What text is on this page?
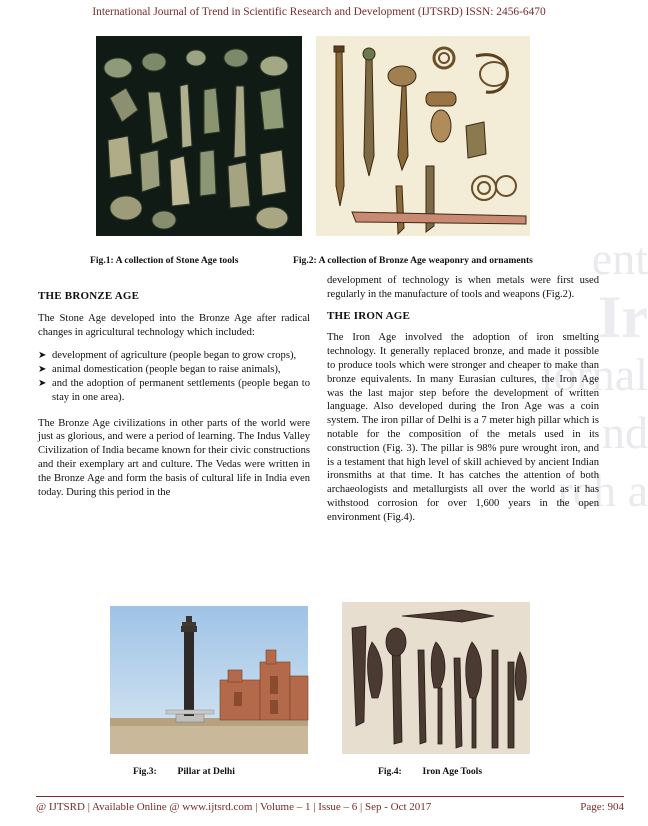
ent
Ir
iornal
nd
rch a
International Journal of Trend in Scientific Research and Development (IJTSRD) ISSN: 2456-6470
Fig.1: A collection of Stone Age tools	Fig.2: A collection of Bronze Age weaponry and ornaments
THE BRONZE AGE

The Stone Age developed into the Bronze Age after radical changes in agricultural technology which included:

➤ development of agriculture (people began to grow crops),
➤ animal domestication (people began to raise animals),
➤ and the adoption of permanent settlements (people began to stay in one area).

The Bronze Age civilizations in other parts of the world were just as glorious, and were a period of learning. The Indus Valley Civilization of India became known for their civic constructions and their exemplary art and culture. The Vedas were written in the Bronze Age and form the basis of cultural life in India even today. During this period in the

development of technology is when metals were first used regularly in the manufacture of tools and weapons (Fig.2).

THE IRON AGE

The Iron Age involved the adoption of iron smelting technology. It generally replaced bronze, and made it possible to produce tools which were stronger and cheaper to make than bronze equivalents. In many Eurasian cultures, the Iron Age was the last major step before the development of written language. Also developed during the Iron Age was a coin system. The iron pillar of Delhi is a 7 meter high pillar which is notable for the composition of the metals used in its construction (Fig. 3). The pillar is 98% pure wrought iron, and is a testament that high level of skill achieved by ancient Indian ironsmiths at that time. It has catches the attention of both archaeologists and metallurgists all over the world as it has withstood corrosion for over 1,600 years in the open environment (Fig.4).

Fig.3: Pillar at Delhi	Fig.4: Iron Age Tools
@ IJTSRD | Available Online @ www.ijtsrd.com | Volume – 1 | Issue – 6 | Sep - Oct 2017	Page: 904
